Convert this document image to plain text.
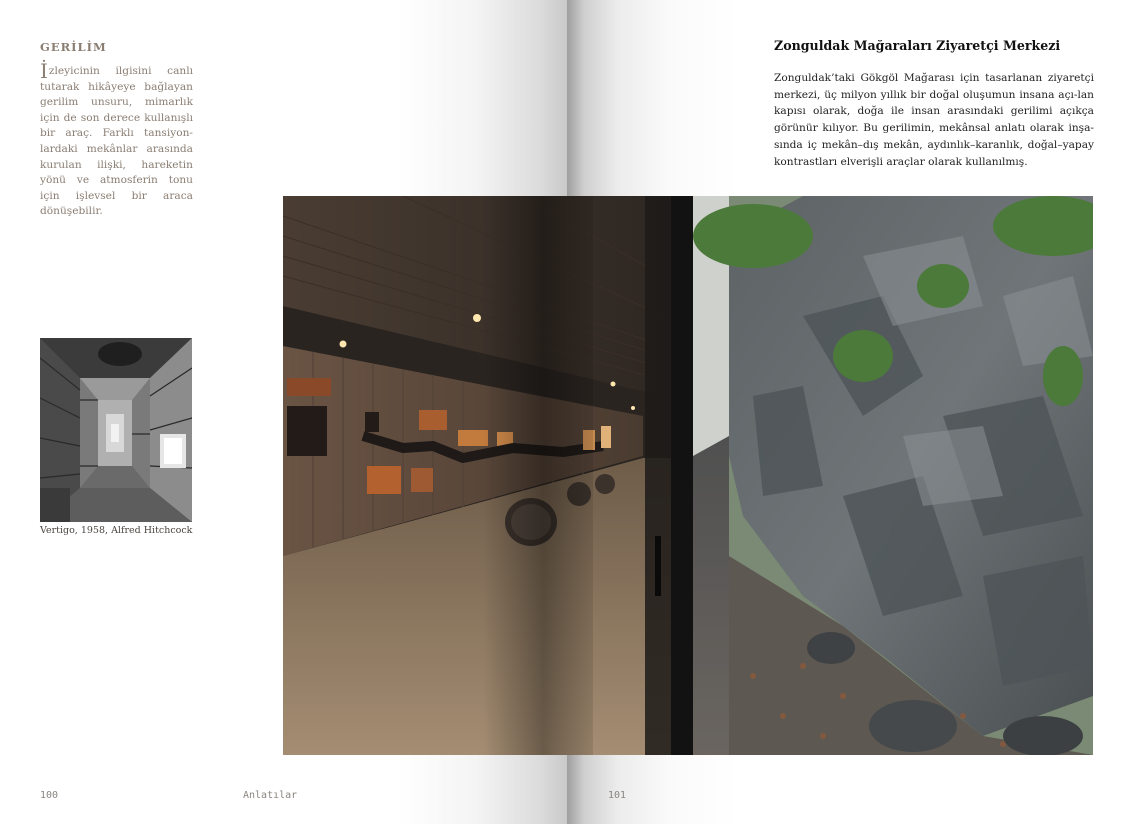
GERİLİM
İzleyicinin ilgisini canlı tutarak hikâyeye bağlayan gerilim unsuru, mimarlık için de son derece kullanışlı bir araç. Farklı tansiyon-lardaki mekânlar arasında kurulan ilişki, hareketin yönü ve atmosferin tonu için işlevsel bir araca dönüşebilir.
Vertigo, 1958, Alfred Hitchcock
100	Anlatılar	101
Zonguldak Mağaraları Ziyaretçi Merkezi
Zonguldak’taki Gökgöl Mağarası için tasarlanan ziyaretçi merkezi, üç milyon yıllık bir doğal oluşumun insana açı-lan kapısı olarak, doğa ile insan arasındaki gerilimi açıkça görünür kılıyor. Bu gerilimin, mekânsal anlatı olarak inşa-sında iç mekân–dış mekân, aydınlık–karanlık, doğal–yapay kontrastları elverişli araçlar olarak kullanılmış.
